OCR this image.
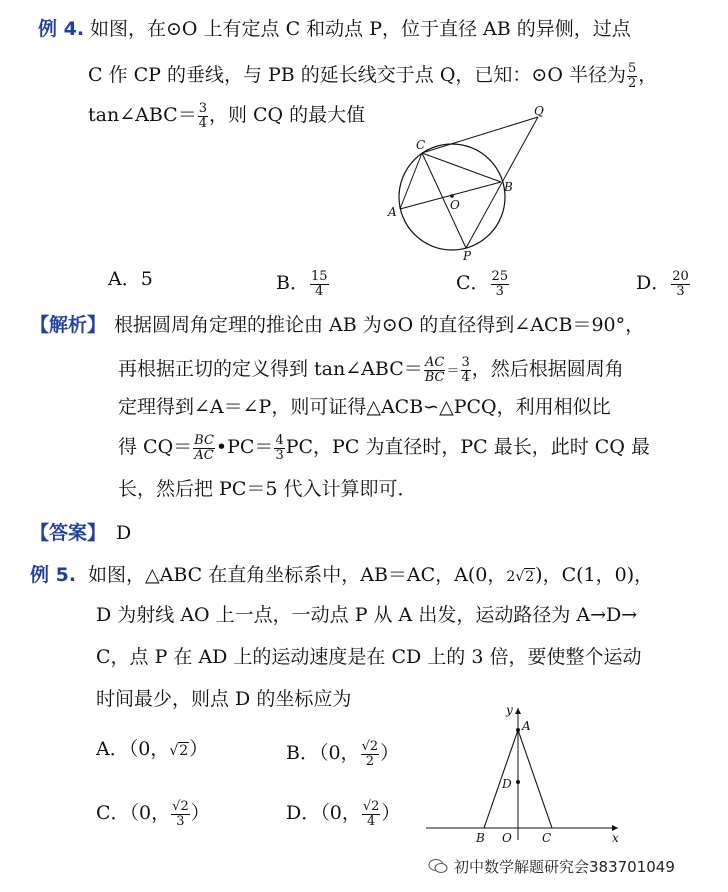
例 4. 如图，在⊙O 上有定点 C 和动点 P，位于直径 AB 的异侧，过点
C 作 CP 的垂线，与 PB 的延长线交于点 Q，已知：⊙O 半径为 $\frac{5}{2}$ ，
tan∠ABC＝ $\frac{3}{4}$ ，则 CQ 的最大值
C
Q
B
O
A
P
A．5	B． $\frac{15}{4}$	C． $\frac{25}{3}$	D． $\frac{20}{3}$
【解析】 根据圆周角定理的推论由 AB 为⊙O 的直径得到∠ACB＝90°，
再根据正切的定义得到 tan∠ABC＝ $\frac{AC}{BC} = \frac{3}{4}$ ，然后根据圆周角
定理得到∠A＝∠P，则可证得△ACB∽△PCQ，利用相似比
得 $CQ= \frac{BC}{AC}$ •PC＝ $\frac{4}{3}$ PC，PC 为直径时，PC 最长，此时 CQ 最
长，然后把 PC＝5 代入计算即可．
【答案】 D
例 5. 如图，△ABC 在直角坐标系中，AB＝AC，A(0，2√2)，C(1，0)，
D 为射线 AO 上一点，一动点 P 从 A 出发，运动路径为 A→D→
C，点 P 在 AD 上的运动速度是在 CD 上的 3 倍，要使整个运动
时间最少，则点 D 的坐标应为
A．（0，√2）	B．（0， $\frac{√2}{2}$ ）
C．（0， $\frac{√2}{3}$ ）	D．（0， $\frac{√2}{4}$ ）
y
A
D
B O	C	x
初中数学解题研究会383701049
